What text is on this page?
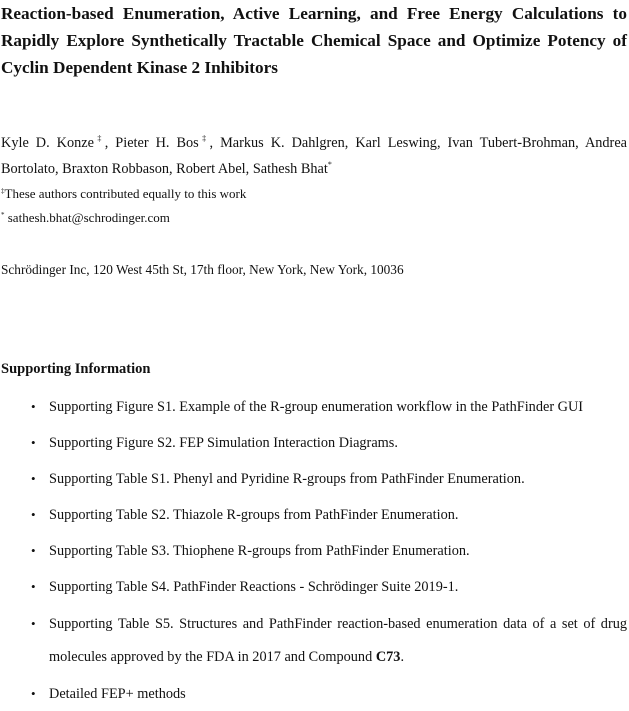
Reaction-based Enumeration, Active Learning, and Free Energy Calculations to Rapidly Explore Synthetically Tractable Chemical Space and Optimize Potency of Cyclin Dependent Kinase 2 Inhibitors

Kyle D. Konze‡, Pieter H. Bos‡, Markus K. Dahlgren, Karl Leswing, Ivan Tubert-Brohman, Andrea Bortolato, Braxton Robbason, Robert Abel, Sathesh Bhat*

‡These authors contributed equally to this work

* sathesh.bhat@schrodinger.com

Schrödinger Inc, 120 West 45th St, 17th floor, New York, New York, 10036

Supporting Information
• Supporting Figure S1. Example of the R-group enumeration workflow in the PathFinder GUI
• Supporting Figure S2. FEP Simulation Interaction Diagrams.
• Supporting Table S1. Phenyl and Pyridine R-groups from PathFinder Enumeration.
• Supporting Table S2. Thiazole R-groups from PathFinder Enumeration.
• Supporting Table S3. Thiophene R-groups from PathFinder Enumeration.
• Supporting Table S4. PathFinder Reactions - Schrödinger Suite 2019-1.
• Supporting Table S5. Structures and PathFinder reaction-based enumeration data of a set of drug molecules approved by the FDA in 2017 and Compound C73.
• Detailed FEP+ methods
